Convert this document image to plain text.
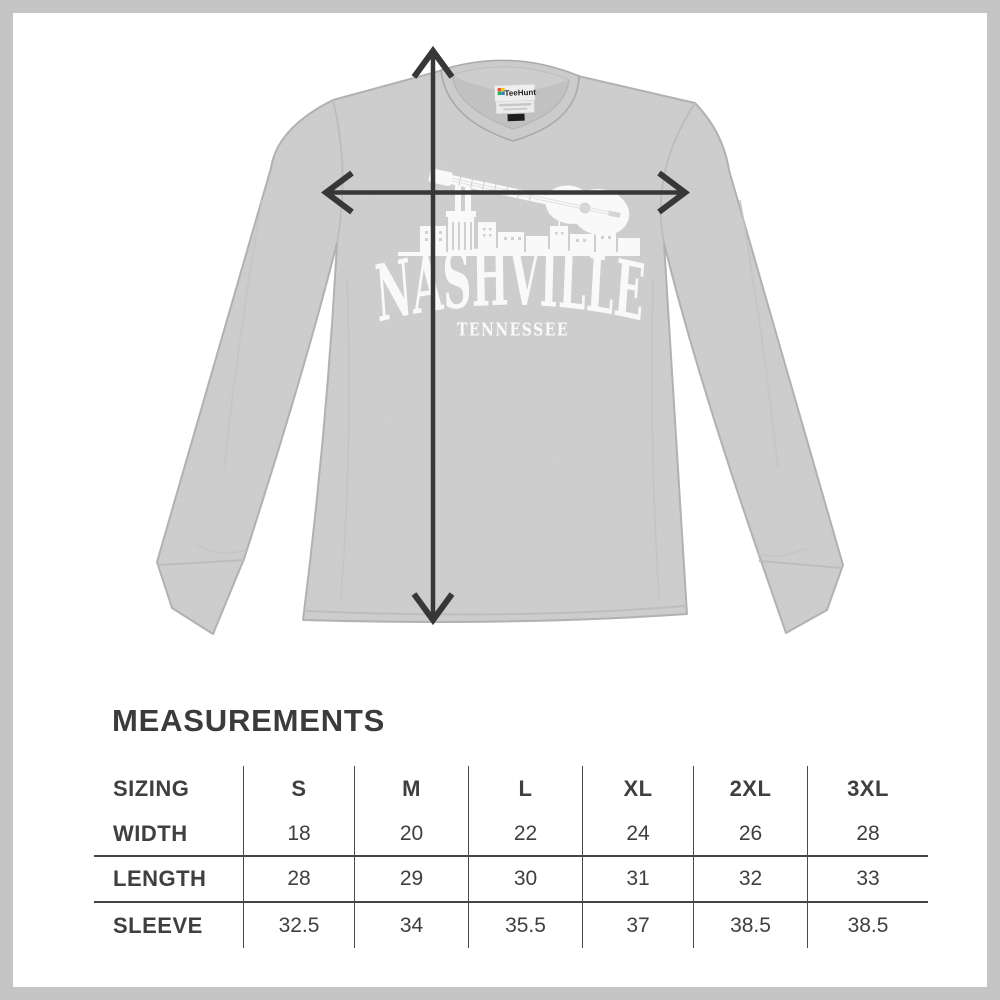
TeeHunt
NASHVILLE
TENNESSEE
MEASUREMENTS
SIZING	S	M	L	XL	2XL	3XL
WIDTH	18	20	22	24	26	28
LENGTH	28	29	30	31	32	33
SLEEVE	32.5	34	35.5	37	38.5	38.5
